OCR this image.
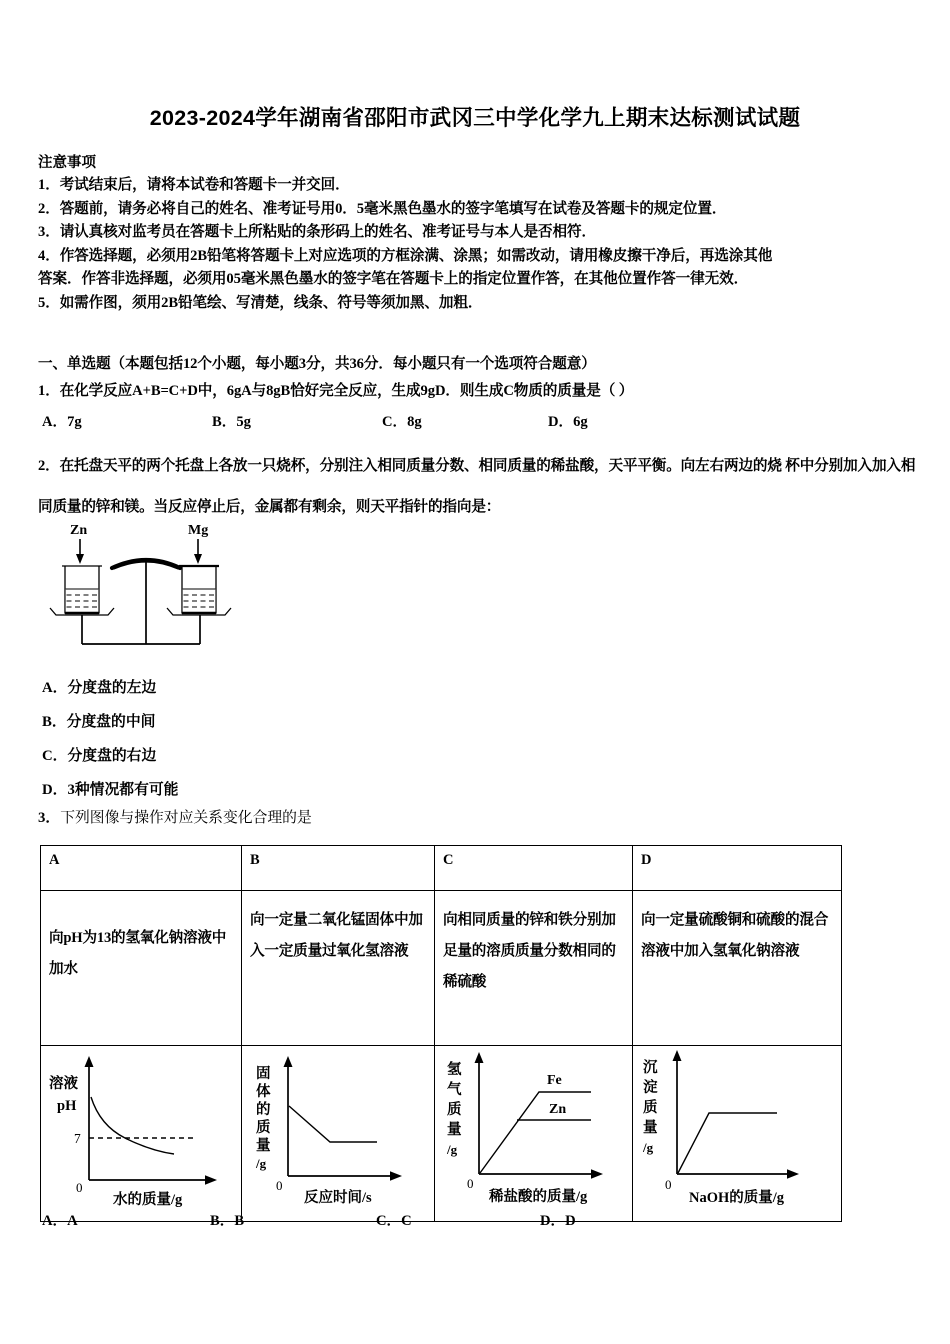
2023-2024学年湖南省邵阳市武冈三中学化学九上期末达标测试试题
注意事项
1．考试结束后，请将本试卷和答题卡一并交回．
2．答题前，请务必将自己的姓名、准考证号用0．5毫米黑色墨水的签字笔填写在试卷及答题卡的规定位置．
3．请认真核对监考员在答题卡上所粘贴的条形码上的姓名、准考证号与本人是否相符．
4．作答选择题，必须用2B铅笔将答题卡上对应选项的方框涂满、涂黑；如需改动，请用橡皮擦干净后，再选涂其他
答案．作答非选择题，必须用05毫米黑色墨水的签字笔在答题卡上的指定位置作答，在其他位置作答一律无效．
5．如需作图，须用2B铅笔绘、写清楚，线条、符号等须加黑、加粗．
一、单选题（本题包括12个小题，每小题3分，共36分．每小题只有一个选项符合题意）
1．在化学反应A+B=C+D中，6gA与8gB恰好完全反应，生成9gD．则生成C物质的质量是（ ）
A．7g	B．5g	C．8g	D．6g
2．在托盘天平的两个托盘上各放一只烧杯，分别注入相同质量分数、相同质量的稀盐酸，天平平衡。向左右两边的烧 杯中分别加入加入相同质量的锌和镁。当反应停止后，金属都有剩余，则天平指针的指向是：
Zn	Mg
A．分度盘的左边
B．分度盘的中间
C．分度盘的右边
D．3种情况都有可能
3．下列图像与操作对应关系变化合理的是
A	B	C	D
向pH为13的氢氧化钠溶液中加水	向一定量二氧化锰固体中加入一定质量过氧化氢溶液	向相同质量的锌和铁分别加足量的溶质质量分数相同的稀硫酸	向一定量硫酸铜和硫酸的混合溶液中加入氢氧化钠溶液

溶液
pH
7
0
水的质量/g

固
体
的
质
量
/g
0
反应时间/s

氢
气
质
量
/g
Fe
Zn
0
稀盐酸的质量/g

沉
淀
质
量
/g
0
NaOH的质量/g
A．A	B．B	C．C	D．D
